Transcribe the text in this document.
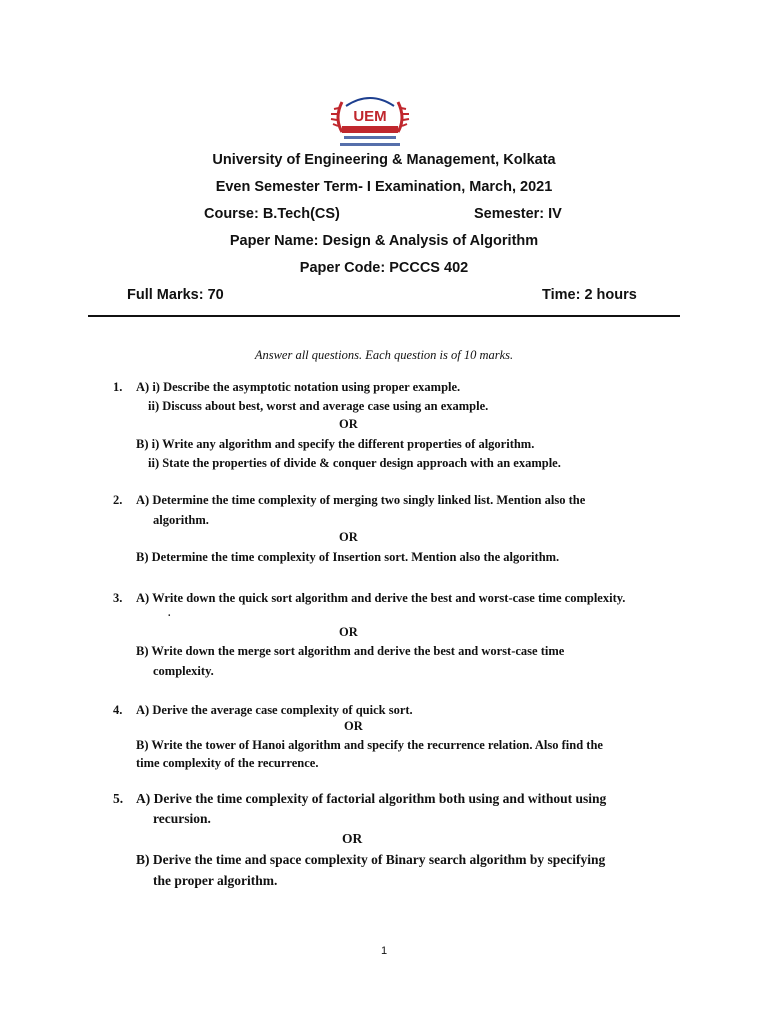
UEM
University of Engineering & Management, Kolkata
Even Semester Term- I Examination, March, 2021
Course: B.Tech(CS)	Semester: IV
Paper Name: Design & Analysis of Algorithm
Paper Code: PCCCS 402
Full Marks: 70	Time: 2 hours
Answer all questions. Each question is of 10 marks.
1. A) i) Describe the asymptotic notation using proper example.
ii) Discuss about best, worst and average case using an example.
OR
B) i) Write any algorithm and specify the different properties of algorithm.
ii) State the properties of divide & conquer design approach with an example.
2. A) Determine the time complexity of merging two singly linked list. Mention also the
algorithm.
OR
B) Determine the time complexity of Insertion sort. Mention also the algorithm.
3. A) Write down the quick sort algorithm and derive the best and worst-case time complexity.
.
OR
B) Write down the merge sort algorithm and derive the best and worst-case time
complexity.
4. A) Derive the average case complexity of quick sort.
OR
B) Write the tower of Hanoi algorithm and specify the recurrence relation. Also find the
time complexity of the recurrence.
5. A) Derive the time complexity of factorial algorithm both using and without using
recursion.
OR
B) Derive the time and space complexity of Binary search algorithm by specifying
the proper algorithm.
1
